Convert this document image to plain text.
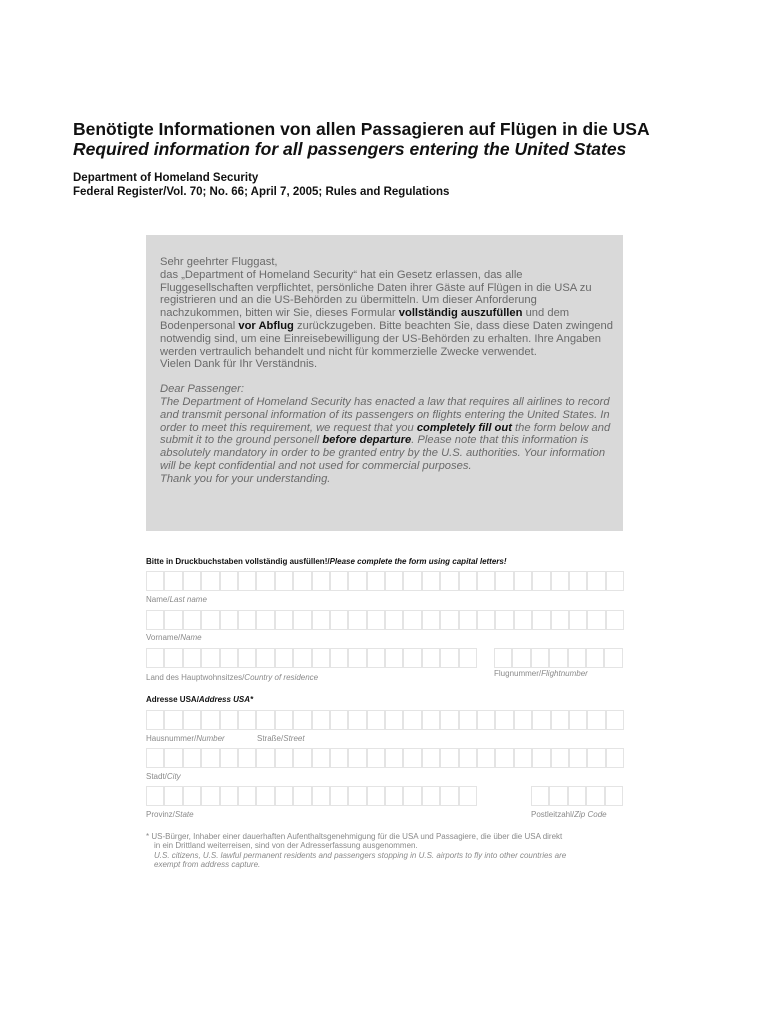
Benötigte Informationen von allen Passagieren auf Flügen in die USA
Required information for all passengers entering the United States
Department of Homeland Security
Federal Register/Vol. 70; No. 66; April 7, 2005; Rules and Regulations

Sehr geehrter Fluggast,
das „Department of Homeland Security“ hat ein Gesetz erlassen, das alle Fluggesellschaften verpflichtet, persönliche Daten ihrer Gäste auf Flügen in die USA zu registrieren und an die US-Behörden zu übermitteln. Um dieser Anforderung nachzukommen, bitten wir Sie, dieses Formular vollständig auszufüllen und dem Bodenpersonal vor Abflug zurückzugeben. Bitte beachten Sie, dass diese Daten zwingend notwendig sind, um eine Einreisebewilligung der US-Behörden zu erhalten. Ihre Angaben werden vertraulich behandelt und nicht für kommerzielle Zwecke verwendet.
Vielen Dank für Ihr Verständnis.

Dear Passenger:
The Department of Homeland Security has enacted a law that requires all airlines to record and transmit personal information of its passengers on flights entering the United States. In order to meet this requirement, we request that you completely fill out the form below and submit it to the ground personell before departure. Please note that this information is absolutely mandatory in order to be granted entry by the U.S. authorities. Your information will be kept confidential and not used for commercial purposes.
Thank you for your understanding.

Bitte in Druckbuchstaben vollständig ausfüllen!/Please complete the form using capital letters!
Name/Last name
Vorname/Name
Land des Hauptwohnsitzes/Country of residence	Flugnummer/Flightnumber
Adresse USA/Address USA*
Hausnummer/Number	Straße/Street
Stadt/City
Provinz/State	Postleitzahl/Zip Code

* US-Bürger, Inhaber einer dauerhaften Aufenthaltsgenehmigung für die USA und Passagiere, die über die USA direkt

in ein Drittland weiterreisen, sind von der Adresserfassung ausgenommen.

U.S. citizens, U.S. lawful permanent residents and passengers stopping in U.S. airports to fly into other countries are

exempt from address capture.
